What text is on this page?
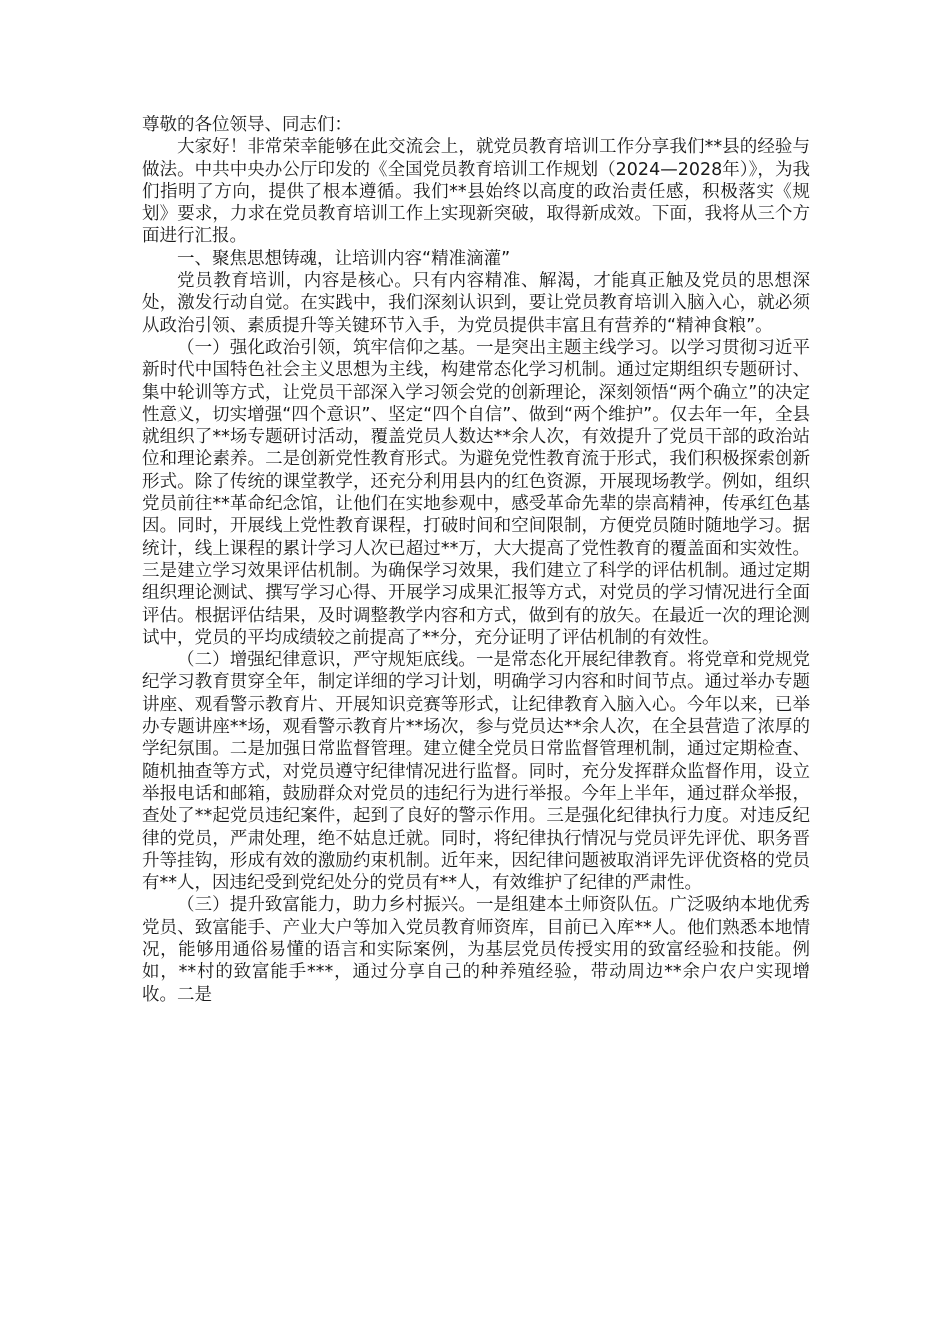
尊敬的各位领导、同志们：

大家好！非常荣幸能够在此交流会上，就党员教育培训工作分享我们**县的经验与做法。中共中央办公厅印发的《全国党员教育培训工作规划（2024—2028年）》，为我们指明了方向，提供了根本遵循。我们**县始终以高度的政治责任感，积极落实《规划》要求，力求在党员教育培训工作上实现新突破，取得新成效。下面，我将从三个方面进行汇报。

一、聚焦思想铸魂，让培训内容“精准滴灌”

党员教育培训，内容是核心。只有内容精准、解渴，才能真正触及党员的思想深处，激发行动自觉。在实践中，我们深刻认识到，要让党员教育培训入脑入心，就必须从政治引领、素质提升等关键环节入手，为党员提供丰富且有营养的“精神食粮”。

（一）强化政治引领，筑牢信仰之基。一是突出主题主线学习。以学习贯彻习近平新时代中国特色社会主义思想为主线，构建常态化学习机制。通过定期组织专题研讨、集中轮训等方式，让党员干部深入学习领会党的创新理论，深刻领悟“两个确立”的决定性意义，切实增强“四个意识”、坚定“四个自信”、做到“两个维护”。仅去年一年，全县就组织了**场专题研讨活动，覆盖党员人数达**余人次，有效提升了党员干部的政治站位和理论素养。二是创新党性教育形式。为避免党性教育流于形式，我们积极探索创新形式。除了传统的课堂教学，还充分利用县内的红色资源，开展现场教学。例如，组织党员前往**革命纪念馆，让他们在实地参观中，感受革命先辈的崇高精神，传承红色基因。同时，开展线上党性教育课程，打破时间和空间限制，方便党员随时随地学习。据统计，线上课程的累计学习人次已超过**万，大大提高了党性教育的覆盖面和实效性。三是建立学习效果评估机制。为确保学习效果，我们建立了科学的评估机制。通过定期组织理论测试、撰写学习心得、开展学习成果汇报等方式，对党员的学习情况进行全面评估。根据评估结果，及时调整教学内容和方式，做到有的放矢。在最近一次的理论测试中，党员的平均成绩较之前提高了**分，充分证明了评估机制的有效性。

（二）增强纪律意识，严守规矩底线。一是常态化开展纪律教育。将党章和党规党纪学习教育贯穿全年，制定详细的学习计划，明确学习内容和时间节点。通过举办专题讲座、观看警示教育片、开展知识竞赛等形式，让纪律教育入脑入心。今年以来，已举办专题讲座**场，观看警示教育片**场次，参与党员达**余人次，在全县营造了浓厚的学纪氛围。二是加强日常监督管理。建立健全党员日常监督管理机制，通过定期检查、随机抽查等方式，对党员遵守纪律情况进行监督。同时，充分发挥群众监督作用，设立举报电话和邮箱，鼓励群众对党员的违纪行为进行举报。今年上半年，通过群众举报，查处了**起党员违纪案件，起到了良好的警示作用。三是强化纪律执行力度。对违反纪律的党员，严肃处理，绝不姑息迁就。同时，将纪律执行情况与党员评先评优、职务晋升等挂钩，形成有效的激励约束机制。近年来，因纪律问题被取消评先评优资格的党员有**人，因违纪受到党纪处分的党员有**人，有效维护了纪律的严肃性。

（三）提升致富能力，助力乡村振兴。一是组建本土师资队伍。广泛吸纳本地优秀党员、致富能手、产业大户等加入党员教育师资库，目前已入库**人。他们熟悉本地情况，能够用通俗易懂的语言和实际案例，为基层党员传授实用的致富经验和技能。例如，**村的致富能手***，通过分享自己的种养殖经验，带动周边**余户农户实现增收。二是
